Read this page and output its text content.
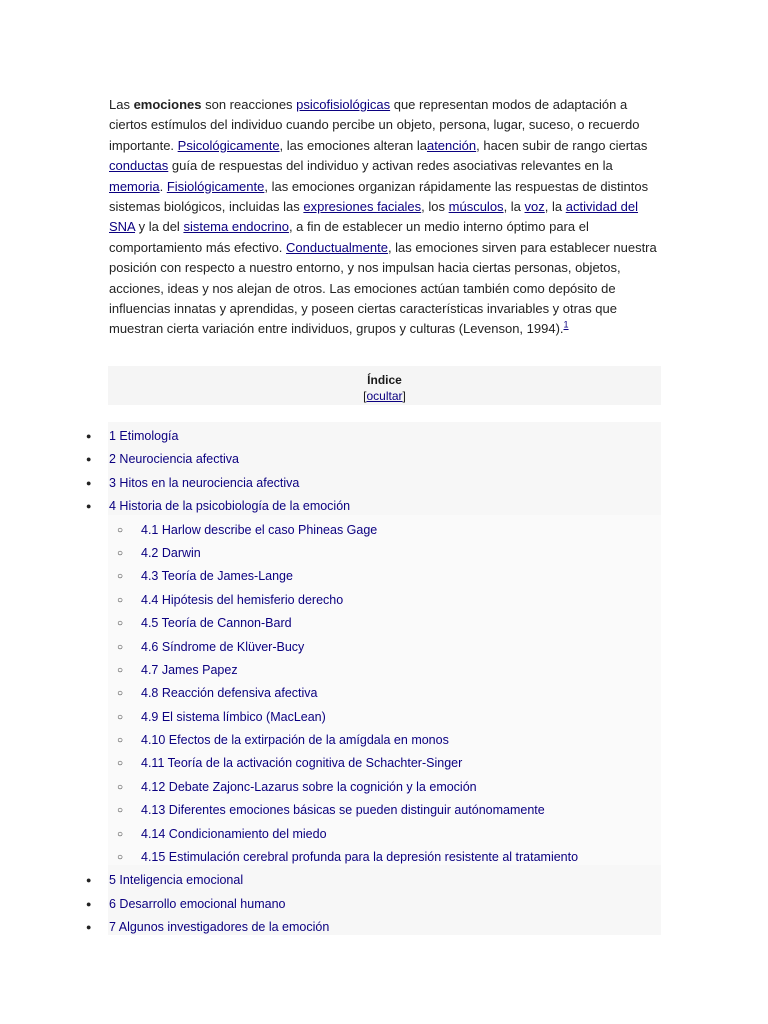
Las emociones son reacciones psicofisiológicas que representan modos de adaptación a ciertos estímulos del individuo cuando percibe un objeto, persona, lugar, suceso, o recuerdo importante. Psicológicamente, las emociones alteran laatención, hacen subir de rango ciertas conductas guía de respuestas del individuo y activan redes asociativas relevantes en la memoria. Fisiológicamente, las emociones organizan rápidamente las respuestas de distintos sistemas biológicos, incluidas las expresiones faciales, los músculos, la voz, la actividad del SNA y la del sistema endocrino, a fin de establecer un medio interno óptimo para el comportamiento más efectivo. Conductualmente, las emociones sirven para establecer nuestra posición con respecto a nuestro entorno, y nos impulsan hacia ciertas personas, objetos, acciones, ideas y nos alejan de otros. Las emociones actúan también como depósito de influencias innatas y aprendidas, y poseen ciertas características invariables y otras que muestran cierta variación entre individuos, grupos y culturas (Levenson, 1994).$^1$
Índice
[ocultar]
● 1 Etimología
● 2 Neurociencia afectiva
● 3 Hitos en la neurociencia afectiva
● 4 Historia de la psicobiología de la emoción
○ 4.1 Harlow describe el caso Phineas Gage
○ 4.2 Darwin
○ 4.3 Teoría de James-Lange
○ 4.4 Hipótesis del hemisferio derecho
○ 4.5 Teoría de Cannon-Bard
○ 4.6 Síndrome de Klüver-Bucy
○ 4.7 James Papez
○ 4.8 Reacción defensiva afectiva
○ 4.9 El sistema límbico (MacLean)
○ 4.10 Efectos de la extirpación de la amígdala en monos
○ 4.11 Teoría de la activación cognitiva de Schachter-Singer
○ 4.12 Debate Zajonc-Lazarus sobre la cognición y la emoción
○ 4.13 Diferentes emociones básicas se pueden distinguir autónomamente
○ 4.14 Condicionamiento del miedo
○ 4.15 Estimulación cerebral profunda para la depresión resistente al tratamiento
● 5 Inteligencia emocional
● 6 Desarrollo emocional humano
● 7 Algunos investigadores de la emoción
